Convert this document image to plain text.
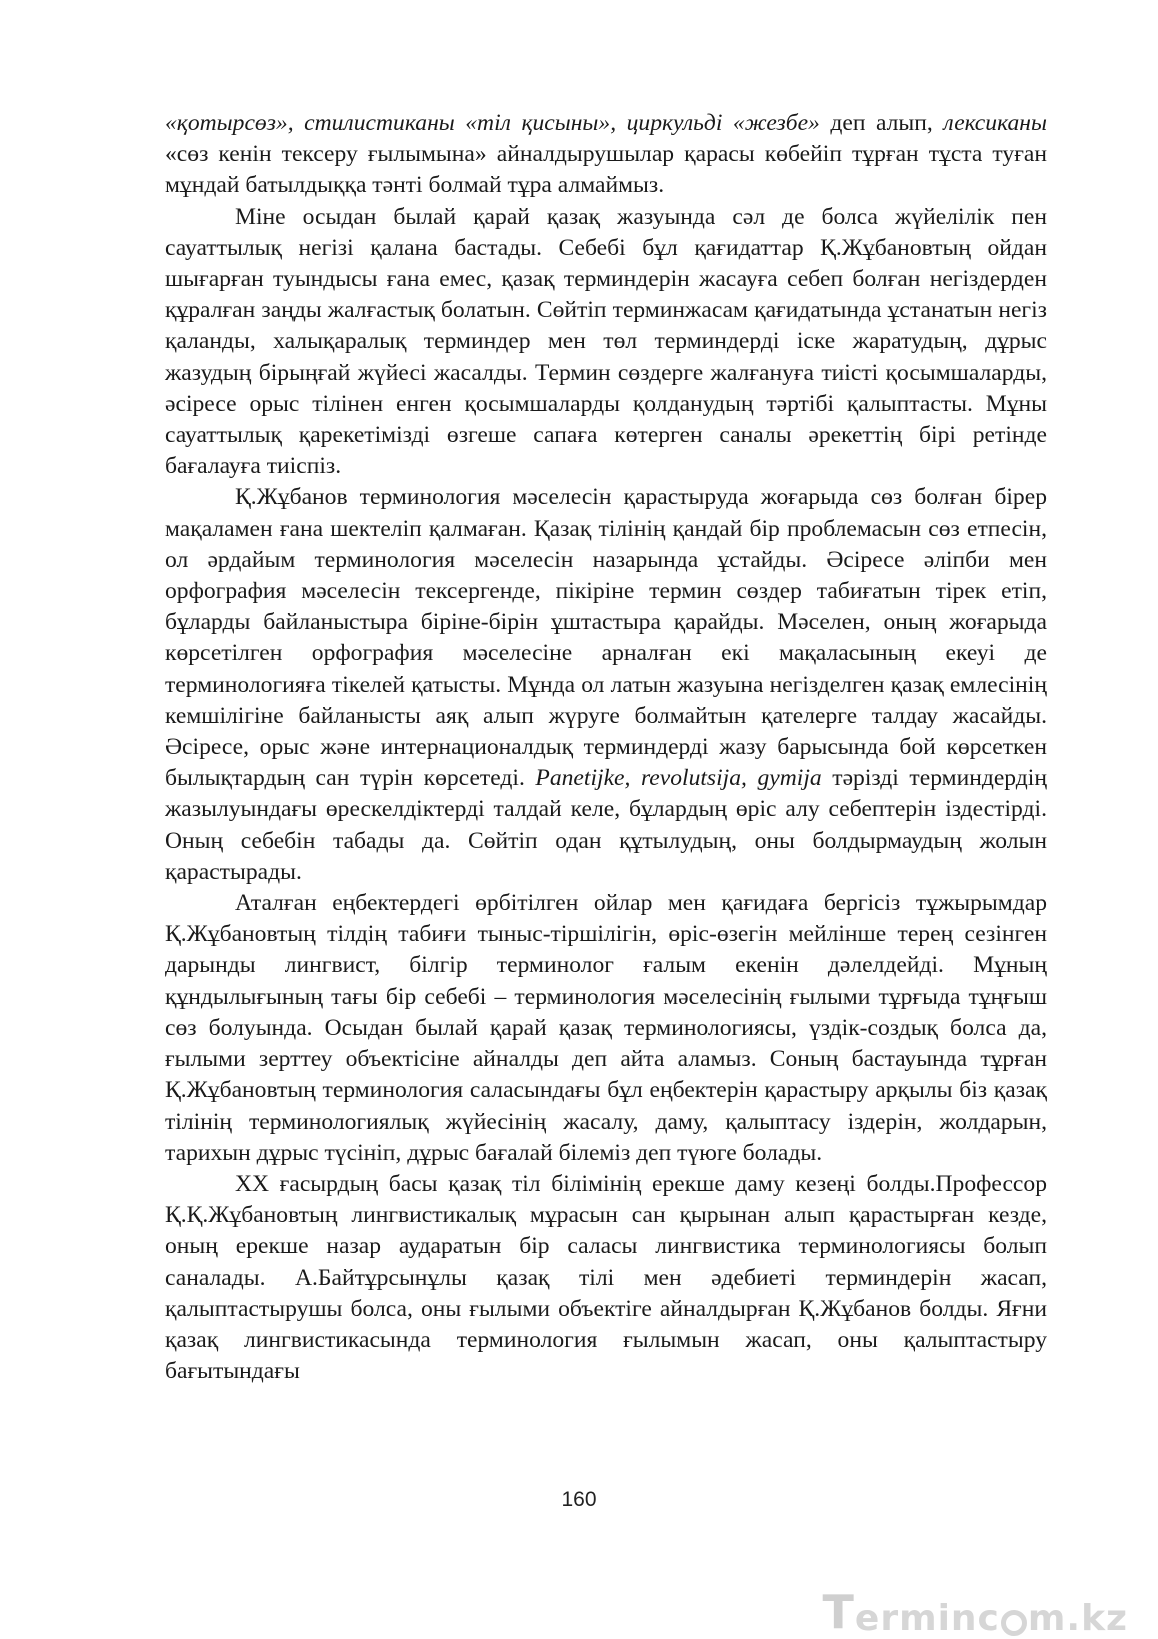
«қотырсөз», стилистиканы «тіл қисыны», циркульді «жезбе» деп алып, лексиканы «сөз кенін тексеру ғылымына» айналдырушылар қарасы көбейіп тұрған тұста туған мұндай батылдыққа тәнті болмай тұра алмаймыз.

Міне осыдан былай қарай қазақ жазуында сәл де болса жүйелілік пен сауаттылық негізі қалана бастады. Себебі бұл қағидаттар Қ.Жұбановтың ойдан шығарған туындысы ғана емес, қазақ терминдерін жасауға себеп болған негіздерден құралған заңды жалғастық болатын. Сөйтіп терминжасам қағидатында ұстанатын негіз қаланды, халықаралық терминдер мен төл терминдерді іске жаратудың, дұрыс жазудың бірыңғай жүйесі жасалды. Термин сөздерге жалғануға тиісті қосымшаларды, әсіресе орыс тілінен енген қосымшаларды қолданудың тәртібі қалыптасты. Мұны сауаттылық қарекетімізді өзгеше сапаға көтерген саналы әрекеттің бірі ретінде бағалауға тиіспіз.

Қ.Жұбанов терминология мәселесін қарастыруда жоғарыда сөз болған бірер мақаламен ғана шектеліп қалмаған. Қазақ тілінің қандай бір проблемасын сөз етпесін, ол әрдайым терминология мәселесін назарында ұстайды. Әсіресе әліпби мен орфография мәселесін тексергенде, пікіріне термин сөздер табиғатын тірек етіп, бұларды байланыстыра біріне-бірін ұштастыра қарайды. Мәселен, оның жоғарыда көрсетілген орфография мәселесіне арналған екі мақаласының екеуі де терминологияға тікелей қатысты. Мұнда ол латын жазуына негізделген қазақ емлесінің кемшілігіне байланысты аяқ алып жүруге болмайтын қателерге талдау жасайды. Әсіресе, орыс және интернационалдық терминдерді жазу барысында бой көрсеткен былықтардың сан түрін көрсетеді. Panetijke, revolutsija, gymija тәрізді терминдердің жазылуындағы өрескелдіктерді талдай келе, бұлардың өріс алу себептерін іздестірді. Оның себебін табады да. Сөйтіп одан құтылудың, оны болдырмаудың жолын қарастырады.

Аталған еңбектердегі өрбітілген ойлар мен қағидаға бергісіз тұжырымдар Қ.Жұбановтың тілдің табиғи тыныс-тіршілігін, өріс-өзегін мейлінше терең сезінген дарынды лингвист, білгір терминолог ғалым екенін дәлелдейді. Мұның құндылығының тағы бір себебі – терминология мәселесінің ғылыми тұрғыда тұңғыш сөз болуында. Осыдан былай қарай қазақ терминологиясы, үздік-создық болса да, ғылыми зерттеу объектісіне айналды деп айта аламыз. Соның бастауында тұрған Қ.Жұбановтың терминология саласындағы бұл еңбектерін қарастыру арқылы біз қазақ тілінің терминологиялық жүйесінің жасалу, даму, қалыптасу іздерін, жолдарын, тарихын дұрыс түсініп, дұрыс бағалай білеміз деп түюге болады.

ХХ ғасырдың басы қазақ тіл білімінің ерекше даму кезеңі болды.Профессор Қ.Қ.Жұбановтың лингвистикалық мұрасын сан қырынан алып қарастырған кезде, оның ерекше назар аударатын бір саласы лингвистика терминологиясы болып саналады. А.Байтұрсынұлы қазақ тілі мен әдебиеті терминдерін жасап, қалыптастырушы болса, оны ғылыми объектіге айналдырған Қ.Жұбанов болды. Яғни қазақ лингвистикасында терминология ғылымын жасап, оны қалыптастыру бағытындағы

160
T erminc m.kz
